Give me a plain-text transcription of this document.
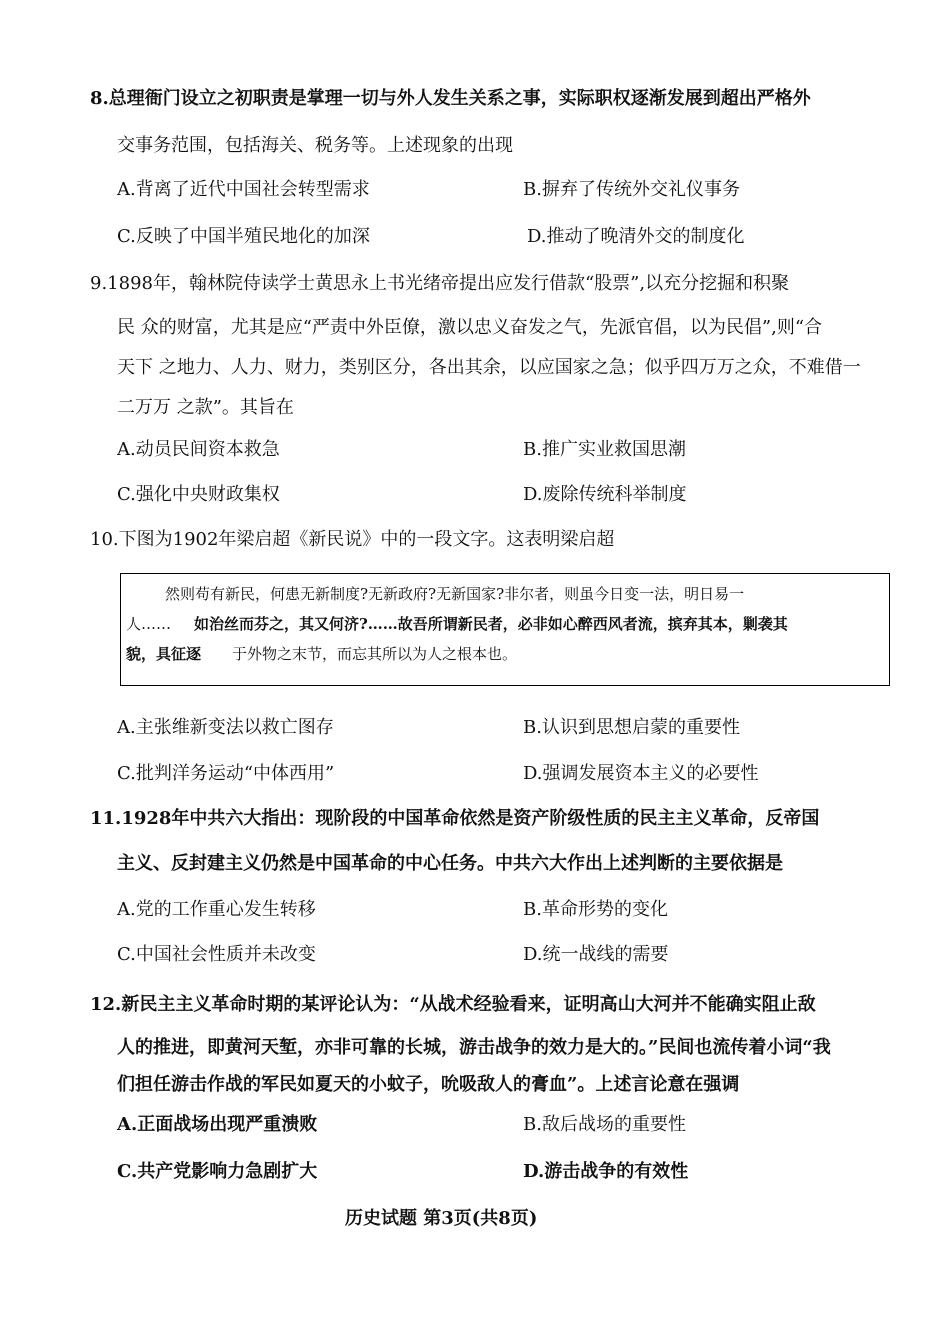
8.总理衙门设立之初职责是掌理一切与外人发生关系之事，实际职权逐渐发展到超出严格外
交事务范围，包括海关、税务等。上述现象的出现
A.背离了近代中国社会转型需求	B.摒弃了传统外交礼仪事务
C.反映了中国半殖民地化的加深	D.推动了晚清外交的制度化
9.1898年，翰林院侍读学士黄思永上书光绪帝提出应发行借款“股票”,以充分挖掘和积聚
民 众的财富，尤其是应“严责中外臣僚，激以忠义奋发之气，先派官倡，以为民倡”,则“合
天下 之地力、人力、财力，类别区分，各出其余，以应国家之急；似乎四万万之众，不难借一
二万万 之款”。其旨在
A.动员民间资本救急	B.推广实业救国思潮
C.强化中央财政集权	D.废除传统科举制度
10.下图为1902年梁启超《新民说》中的一段文字。这表明梁启超
然则苟有新民，何患无新制度?无新政府?无新国家?非尔者，则虽今日变一法，明日易一
人…… 如治丝而芬之，其又何济?……故吾所谓新民者，必非如心醉西风者流，摈弃其本，剿袭其
貌，具征逐 于外物之末节，而忘其所以为人之根本也。
A.主张维新变法以救亡图存	B.认识到思想启蒙的重要性
C.批判洋务运动“中体西用”	D.强调发展资本主义的必要性
11.1928年中共六大指出：现阶段的中国革命依然是资产阶级性质的民主主义革命，反帝国
主义、反封建主义仍然是中国革命的中心任务。中共六大作出上述判断的主要依据是
A.党的工作重心发生转移	B.革命形势的变化
C.中国社会性质并未改变	D.统一战线的需要
12.新民主主义革命时期的某评论认为：“从战术经验看来，证明高山大河并不能确实阻止敌
人的推进，即黄河天堑，亦非可靠的长城，游击战争的效力是大的。”民间也流传着小词“我
们担任游击作战的军民如夏天的小蚊子，吮吸敌人的膏血”。上述言论意在强调
A.正面战场出现严重溃败	B.敌后战场的重要性
C.共产党影响力急剧扩大	D.游击战争的有效性
历史试题 第3页(共8页)
